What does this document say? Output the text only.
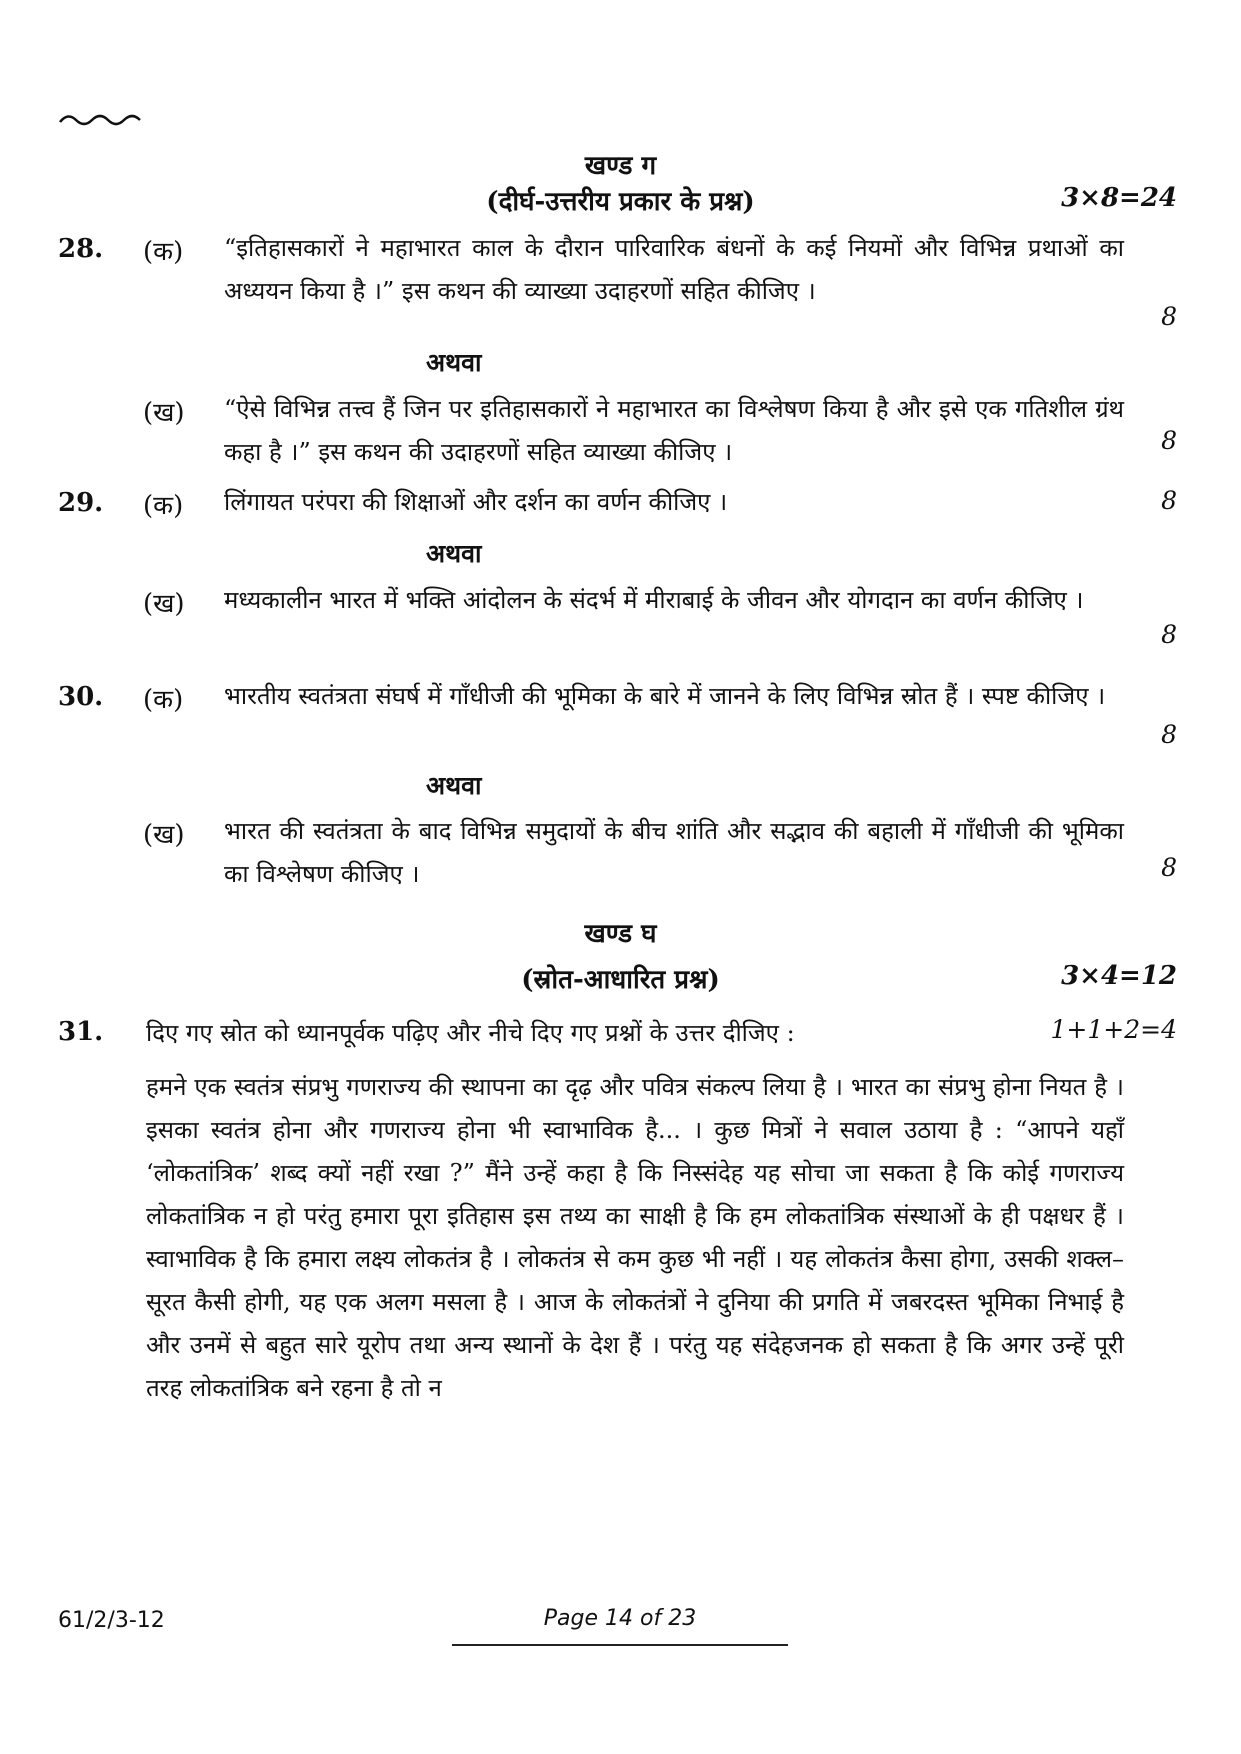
खण्ड ग
(दीर्घ-उत्तरीय प्रकार के प्रश्न)	3×8=24
28. (क) “इतिहासकारों ने महाभारत काल के दौरान पारिवारिक बंधनों के कई नियमों और विभिन्न प्रथाओं का अध्ययन किया है ।” इस कथन की व्याख्या उदाहरणों सहित कीजिए ।
8
अथवा
(ख) “ऐसे विभिन्न तत्त्व हैं जिन पर इतिहासकारों ने महाभारत का विश्लेषण किया है और इसे एक गतिशील ग्रंथ कहा है ।” इस कथन की उदाहरणों सहित व्याख्या कीजिए ।	8
29. (क) लिंगायत परंपरा की शिक्षाओं और दर्शन का वर्णन कीजिए ।	8
अथवा
(ख) मध्यकालीन भारत में भक्ति आंदोलन के संदर्भ में मीराबाई के जीवन और योगदान का वर्णन कीजिए ।
8
30. (क) भारतीय स्वतंत्रता संघर्ष में गाँधीजी की भूमिका के बारे में जानने के लिए विभिन्न स्रोत हैं । स्पष्ट कीजिए ।
8
अथवा
(ख) भारत की स्वतंत्रता के बाद विभिन्न समुदायों के बीच शांति और सद्भाव की बहाली में गाँधीजी की भूमिका का विश्लेषण कीजिए ।	8
खण्ड घ
(स्रोत-आधारित प्रश्न)	3×4=12
31. दिए गए स्रोत को ध्यानपूर्वक पढ़िए और नीचे दिए गए प्रश्नों के उत्तर दीजिए :	1+1+2=4
हमने एक स्वतंत्र संप्रभु गणराज्य की स्थापना का दृढ़ और पवित्र संकल्प लिया है । भारत का संप्रभु होना नियत है । इसका स्वतंत्र होना और गणराज्य होना भी स्वाभाविक है... । कुछ मित्रों ने सवाल उठाया है : “आपने यहाँ ‘लोकतांत्रिक’ शब्द क्यों नहीं रखा ?” मैंने उन्हें कहा है कि निस्संदेह यह सोचा जा सकता है कि कोई गणराज्य लोकतांत्रिक न हो परंतु हमारा पूरा इतिहास इस तथ्य का साक्षी है कि हम लोकतांत्रिक संस्थाओं के ही पक्षधर हैं । स्वाभाविक है कि हमारा लक्ष्य लोकतंत्र है । लोकतंत्र से कम कुछ भी नहीं । यह लोकतंत्र कैसा होगा, उसकी शक्ल–सूरत कैसी होगी, यह एक अलग मसला है । आज के लोकतंत्रों ने दुनिया की प्रगति में जबरदस्त भूमिका निभाई है और उनमें से बहुत सारे यूरोप तथा अन्य स्थानों के देश हैं । परंतु यह संदेहजनक हो सकता है कि अगर उन्हें पूरी तरह लोकतांत्रिक बने रहना है तो न
61/2/3-12	Page 14 of 23
